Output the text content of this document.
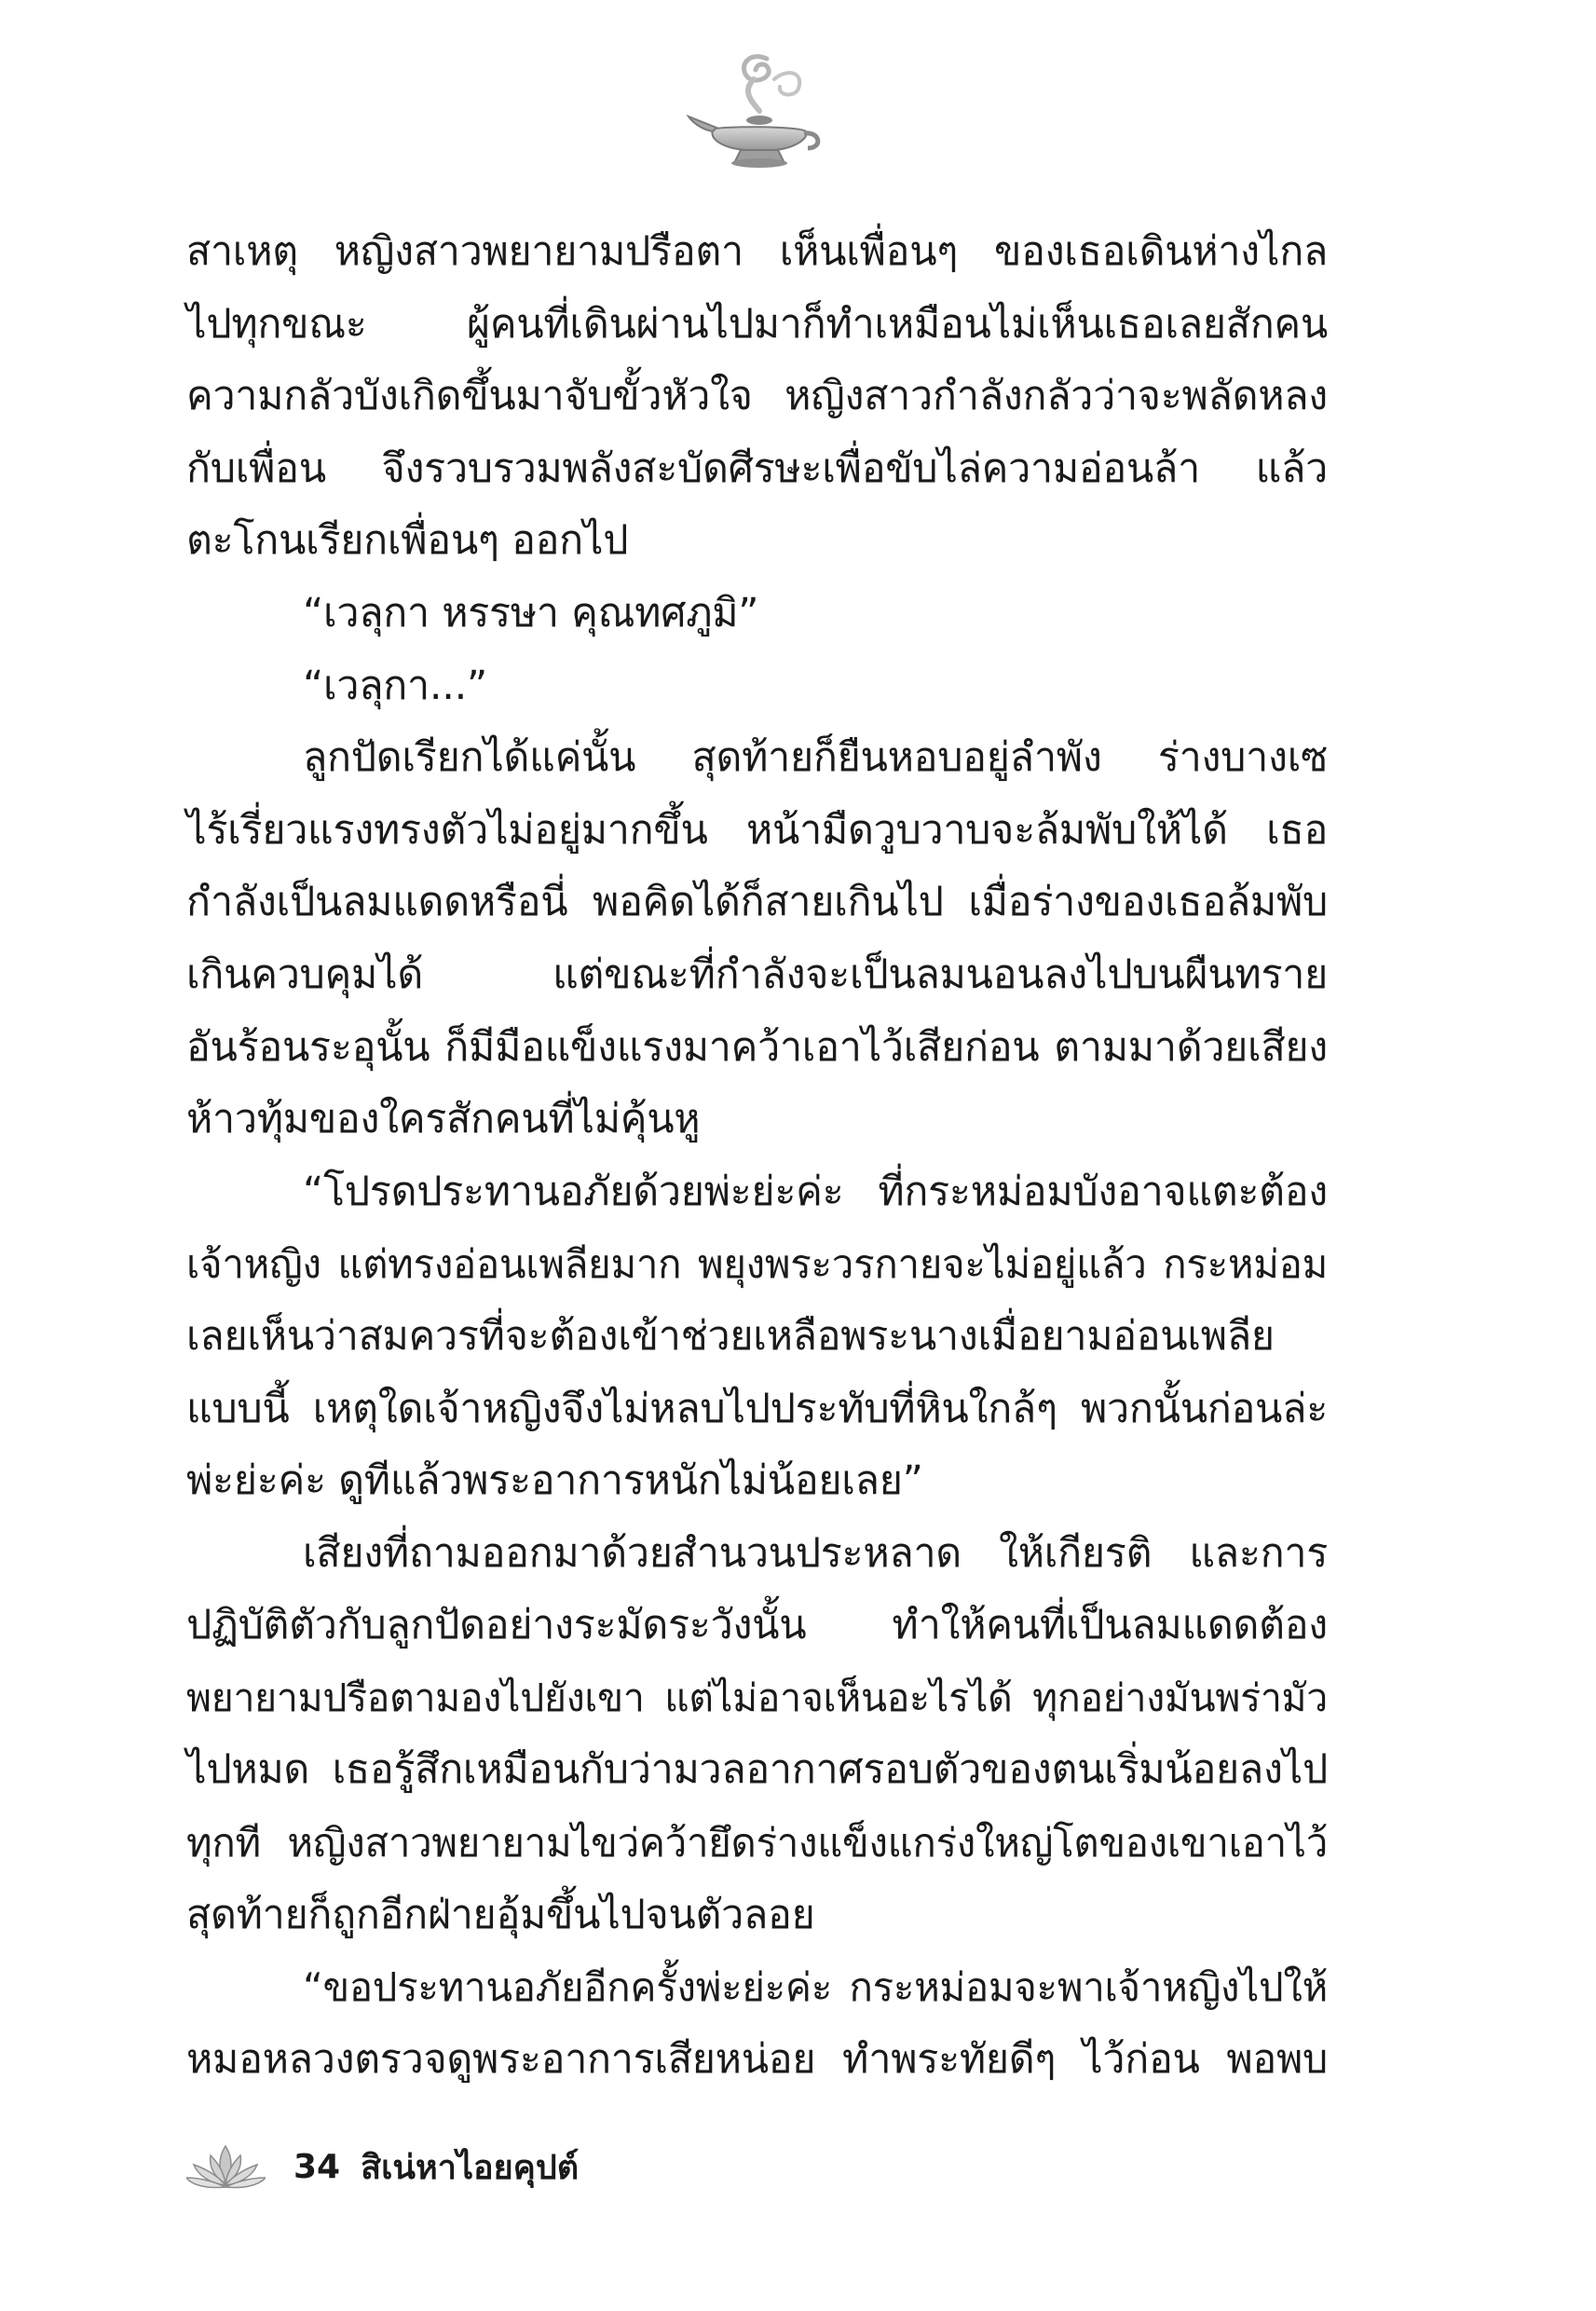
สาเหตุ หญิงสาวพยายามปรือตา เห็นเพื่อนๆ ของเธอเดินห่างไกล
ไปทุกขณะ ผู้คนที่เดินผ่านไปมาก็ทำเหมือนไม่เห็นเธอเลยสักคน
ความกลัวบังเกิดขึ้นมาจับขั้วหัวใจ หญิงสาวกำลังกลัวว่าจะพลัดหลง
กับเพื่อน จึงรวบรวมพลังสะบัดศีรษะเพื่อขับไล่ความอ่อนล้า แล้ว
ตะโกนเรียกเพื่อนๆ ออกไป
“เวลุกา หรรษา คุณทศภูมิ”
“เวลุกา...”
ลูกปัดเรียกได้แค่นั้น สุดท้ายก็ยืนหอบอยู่ลำพัง ร่างบางเซ
ไร้เรี่ยวแรงทรงตัวไม่อยู่มากขึ้น หน้ามืดวูบวาบจะล้มพับให้ได้ เธอ
กำลังเป็นลมแดดหรือนี่ พอคิดได้ก็สายเกินไป เมื่อร่างของเธอล้มพับ
เกินควบคุมได้ แต่ขณะที่กำลังจะเป็นลมนอนลงไปบนผืนทราย
อันร้อนระอุนั้น ก็มีมือแข็งแรงมาคว้าเอาไว้เสียก่อน ตามมาด้วยเสียง
ห้าวทุ้มของใครสักคนที่ไม่คุ้นหู
“โปรดประทานอภัยด้วยพ่ะย่ะค่ะ ที่กระหม่อมบังอาจแตะต้อง
เจ้าหญิง แต่ทรงอ่อนเพลียมาก พยุงพระวรกายจะไม่อยู่แล้ว กระหม่อม
เลยเห็นว่าสมควรที่จะต้องเข้าช่วยเหลือพระนางเมื่อยามอ่อนเพลีย
แบบนี้ เหตุใดเจ้าหญิงจึงไม่หลบไปประทับที่หินใกล้ๆ พวกนั้นก่อนล่ะ
พ่ะย่ะค่ะ ดูทีแล้วพระอาการหนักไม่น้อยเลย”
เสียงที่ถามออกมาด้วยสำนวนประหลาด ให้เกียรติ และการ
ปฏิบัติตัวกับลูกปัดอย่างระมัดระวังนั้น ทำให้คนที่เป็นลมแดดต้อง
พยายามปรือตามองไปยังเขา แต่ไม่อาจเห็นอะไรได้ ทุกอย่างมันพร่ามัว
ไปหมด เธอรู้สึกเหมือนกับว่ามวลอากาศรอบตัวของตนเริ่มน้อยลงไป
ทุกที หญิงสาวพยายามไขว่คว้ายึดร่างแข็งแกร่งใหญ่โตของเขาเอาไว้
สุดท้ายก็ถูกอีกฝ่ายอุ้มขึ้นไปจนตัวลอย
“ขอประทานอภัยอีกครั้งพ่ะย่ะค่ะ กระหม่อมจะพาเจ้าหญิงไปให้
หมอหลวงตรวจดูพระอาการเสียหน่อย ทำพระทัยดีๆ ไว้ก่อน พอพบ
34 สิเน่หาไอยคุปต์
